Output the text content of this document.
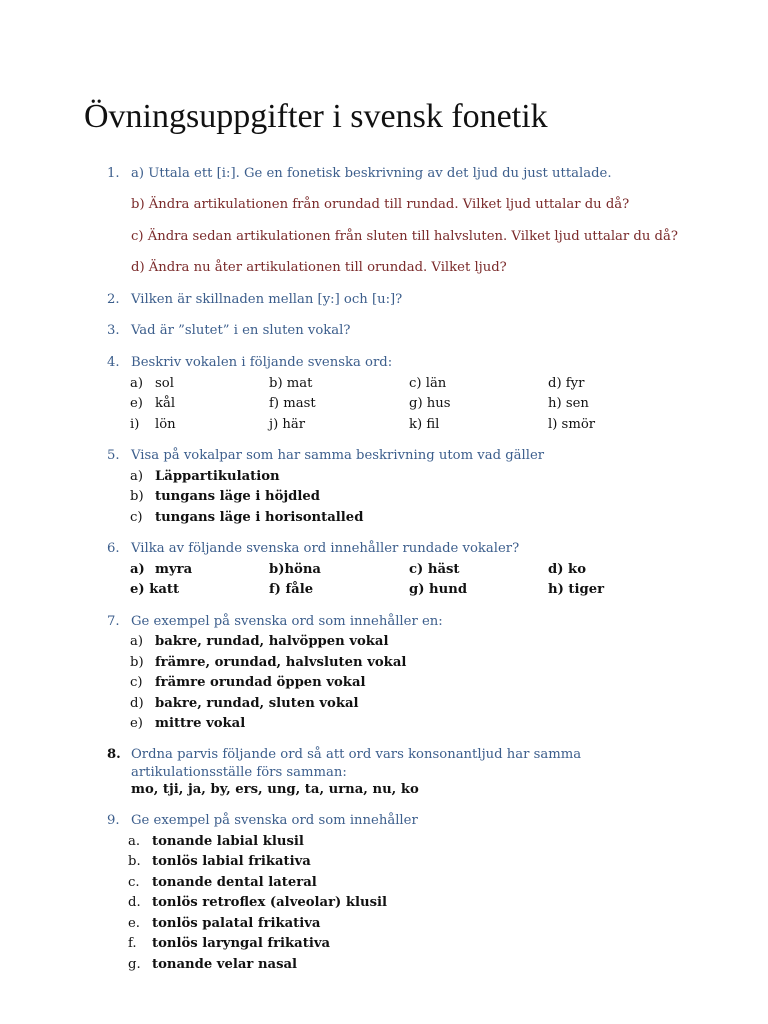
Övningsuppgifter i svensk fonetik
1. a) Uttala ett [i:]. Ge en fonetisk beskrivning av det ljud du just uttalade.
b) Ändra artikulationen från orundad till rundad. Vilket ljud uttalar du då?
c) Ändra sedan artikulationen från sluten till halvsluten. Vilket ljud uttalar du då?
d) Ändra nu åter artikulationen till orundad. Vilket ljud?
2. Vilken är skillnaden mellan [y:] och [u:]?
3. Vad är ”slutet” i en sluten vokal?
4. Beskriv vokalen i följande svenska ord:
a) sol	b) mat	c) län	d) fyr
e) kål	f) mast	g) hus	h) sen
i) lön	j) här	k) fil	l) smör
5. Visa på vokalpar som har samma beskrivning utom vad gäller
a) Läppartikulation
b) tungans läge i höjdled
c) tungans läge i horisontalled
6. Vilka av följande svenska ord innehåller rundade vokaler?
a) myra	b)höna	c) häst	d) ko
e) katt	f) fåle	g) hund	h) tiger
7. Ge exempel på svenska ord som innehåller en:
a) bakre, rundad, halvöppen vokal
b) främre, orundad, halvsluten vokal
c) främre orundad öppen vokal
d) bakre, rundad, sluten vokal
e) mittre vokal
8. Ordna parvis följande ord så att ord vars konsonantljud har samma
artikulationsställe förs samman:
mo, tji, ja, by, ers, ung, ta, urna, nu, ko
9. Ge exempel på svenska ord som innehåller
a. tonande labial klusil
b. tonlös labial frikativa
c. tonande dental lateral
d. tonlös retroflex (alveolar) klusil
e. tonlös palatal frikativa
f. tonlös laryngal frikativa
g. tonande velar nasal
